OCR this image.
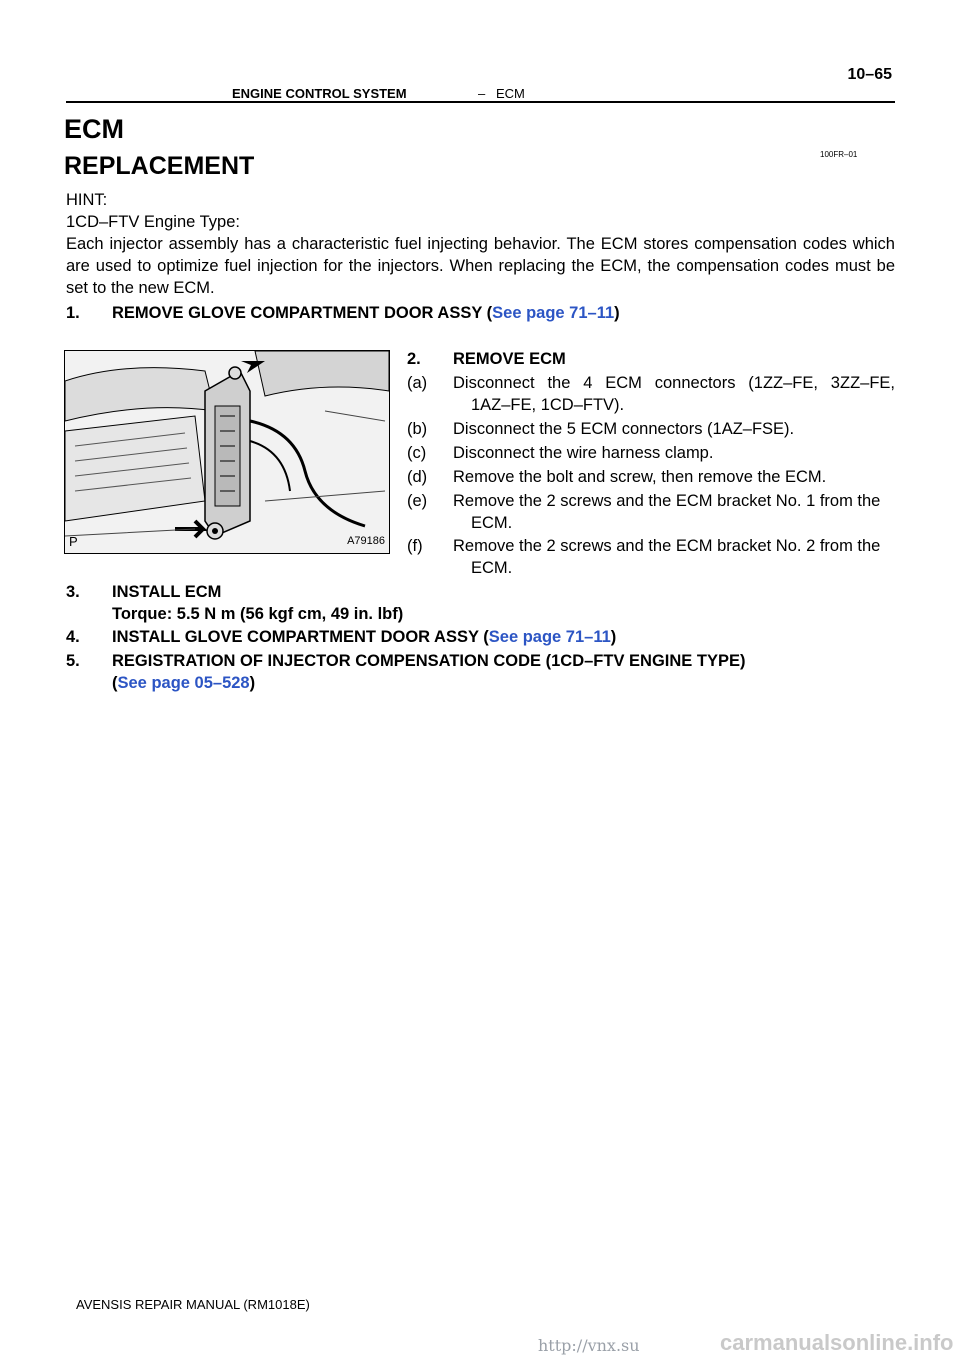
ENGINE CONTROL SYSTEM	– ECM
10–65
ECM
100FR–01
REPLACEMENT
HINT:
1CD–FTV Engine Type:
Each injector assembly has a characteristic fuel injecting behavior. The ECM stores compensation codes which are used to optimize fuel injection for the injectors. When replacing the ECM, the compensation codes must be set to the new ECM.
1. REMOVE GLOVE COMPARTMENT DOOR ASSY (See page 71–11)
P	A79186
2. REMOVE ECM
(a) Disconnect the 4 ECM connectors (1ZZ–FE, 3ZZ–FE,
1AZ–FE, 1CD–FTV).
(b) Disconnect the 5 ECM connectors (1AZ–FSE).
(c) Disconnect the wire harness clamp.
(d) Remove the bolt and screw, then remove the ECM.
(e) Remove the 2 screws and the ECM bracket No. 1 from the
ECM.
(f) Remove the 2 screws and the ECM bracket No. 2 from the
ECM.
3. INSTALL ECM
Torque: 5.5 N m (56 kgf cm, 49 in. lbf)
4. INSTALL GLOVE COMPARTMENT DOOR ASSY (See page 71–11)
5. REGISTRATION OF INJECTOR COMPENSATION CODE (1CD–FTV ENGINE TYPE)
(See page 05–528)
AVENSIS REPAIR MANUAL (RM1018E)
http://vnx.su	carmanualsonline.info
